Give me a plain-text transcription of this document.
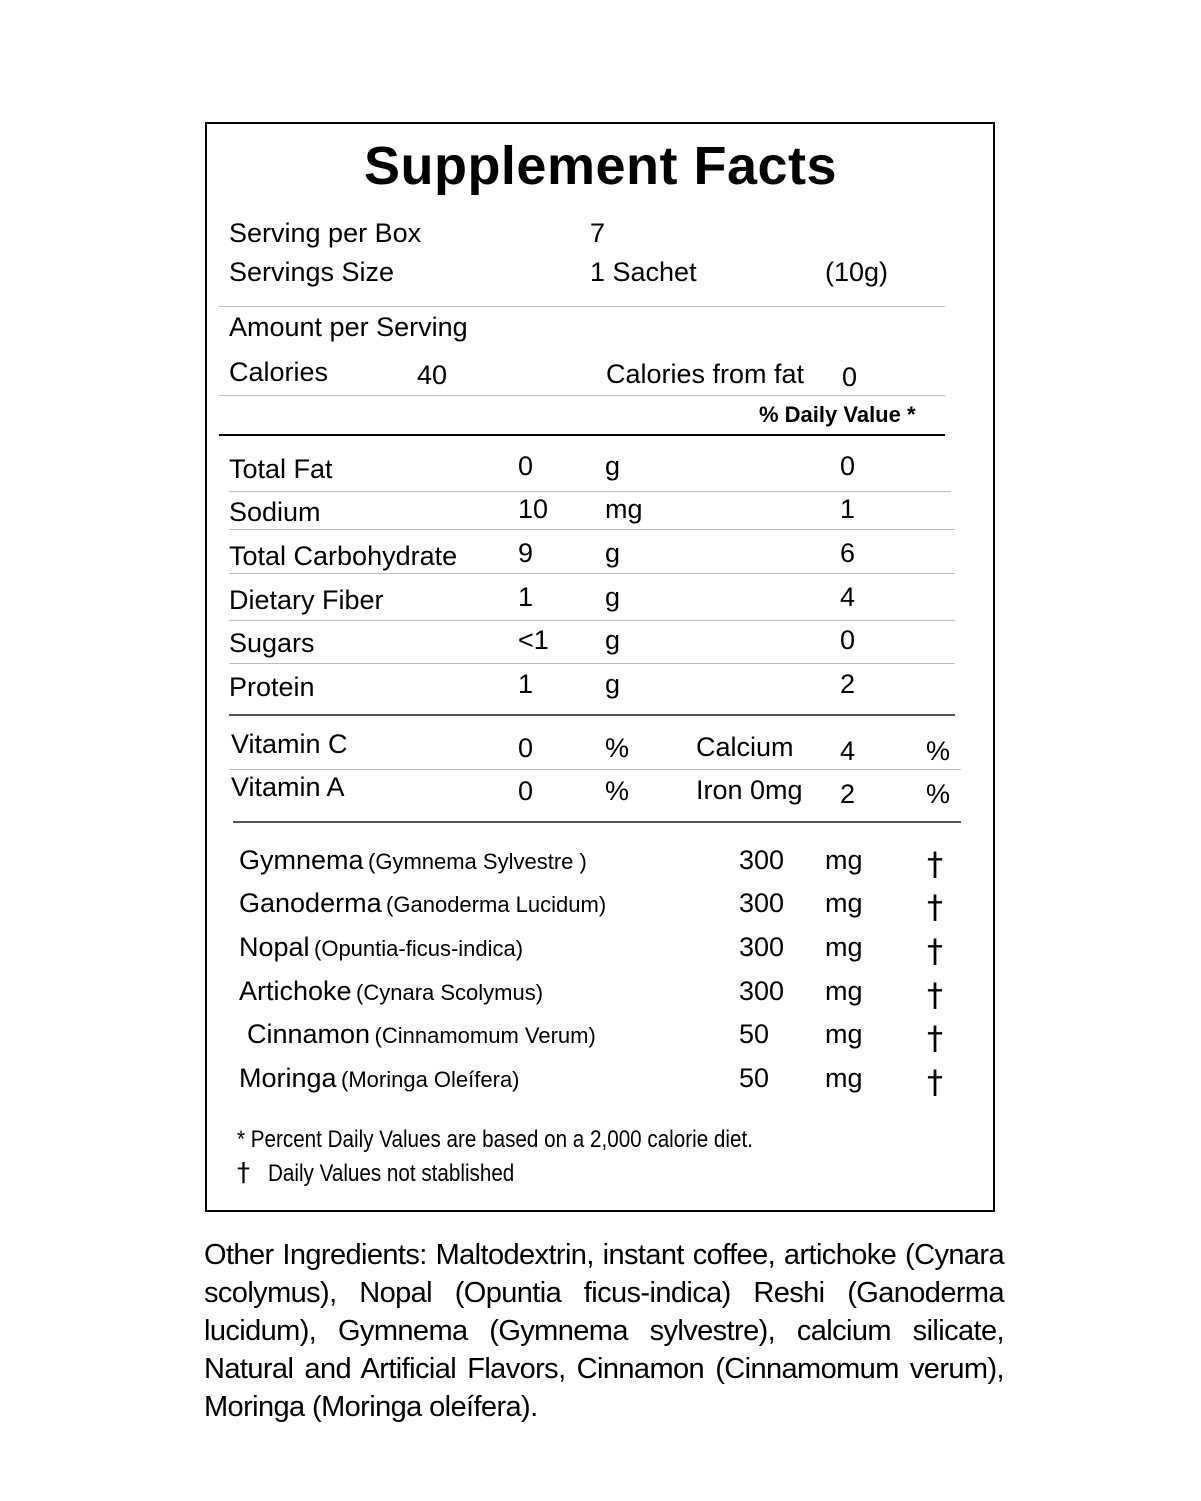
Supplement Facts
Serving per Box	7
Servings Size	1 Sachet	(10g)
Amount per Serving
Calories	40	Calories from fat 0
% Daily Value *
Total Fat	0	g	0
Sodium	10 mg	1
Total Carbohydrate 9	g	6
Dietary Fiber	1	g	4
Sugars	<1 g	0
Protein	1	g	2
Vitamin C	0	% Calcium 4	%
Vitamin A	0	% Iron 0mg 2	%
Gymnema (Gymnema Sylvestre )	300 mg †
Ganoderma (Ganoderma Lucidum)	300 mg †
Nopal (Opuntia-ficus-indica)	300 mg †
Artichoke (Cynara Scolymus)	300 mg †
Cinnamon (Cinnamomum Verum)	50 mg †
Moringa (Moringa Oleífera)	50 mg †
* Percent Daily Values are based on a 2,000 calorie diet.
† Daily Values not stablished
Other Ingredients: Maltodextrin, instant coffee, artichoke (Cynara scolymus), Nopal (Opuntia ficus-indica) Reshi (Ganoderma lucidum), Gymnema (Gymnema sylvestre), calcium silicate, Natural and Artificial Flavors, Cinnamon (Cinnamomum verum), Moringa (Moringa oleífera).
